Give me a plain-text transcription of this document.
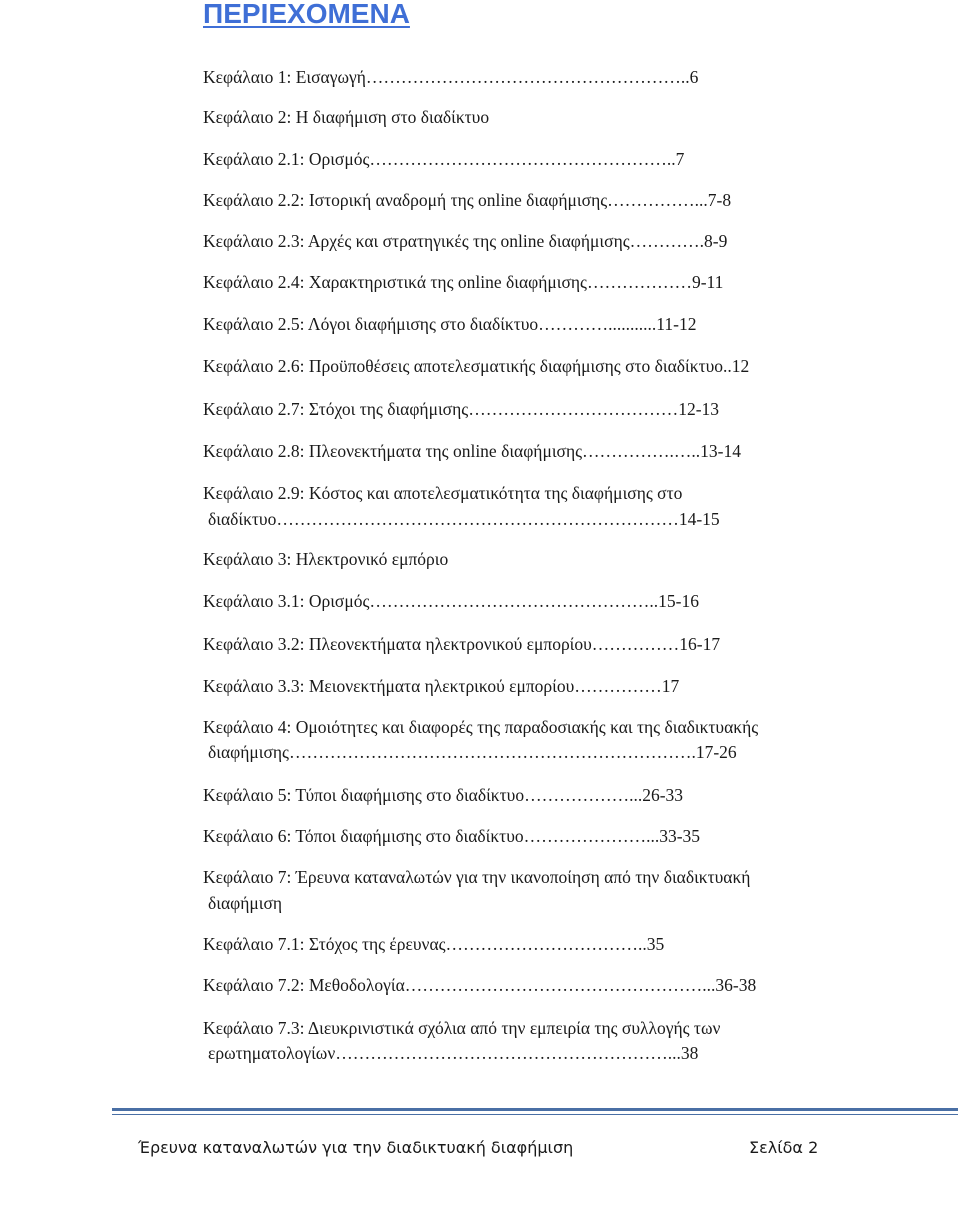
ΠΕΡΙΕΧΟΜΕΝΑ
Κεφάλαιο 1: Εισαγωγή………………………………………………..6
Κεφάλαιο 2: Η διαφήμιση στο διαδίκτυο
Κεφάλαιο 2.1: Ορισμός……………………………………………..7
Κεφάλαιο 2.2: Ιστορική αναδρομή της online διαφήμισης……………...7-8
Κεφάλαιο 2.3: Αρχές και στρατηγικές της online διαφήμισης………….8-9
Κεφάλαιο 2.4: Χαρακτηριστικά της online διαφήμισης………………9-11
Κεφάλαιο 2.5: Λόγοι διαφήμισης στο διαδίκτυο…………...........11-12
Κεφάλαιο 2.6: Προϋποθέσεις αποτελεσματικής διαφήμισης στο διαδίκτυο..12
Κεφάλαιο 2.7: Στόχοι της διαφήμισης………………………………12-13
Κεφάλαιο 2.8: Πλεονεκτήματα της online διαφήμισης…………….…..13-14
Κεφάλαιο 2.9: Κόστος και αποτελεσματικότητα της διαφήμισης στο
διαδίκτυο……………………………………………………………14-15
Κεφάλαιο 3: Ηλεκτρονικό εμπόριο
Κεφάλαιο 3.1: Ορισμός…………………………………………..15-16
Κεφάλαιο 3.2: Πλεονεκτήματα ηλεκτρονικού εμπορίου……………16-17
Κεφάλαιο 3.3: Μειονεκτήματα ηλεκτρικού εμπορίου……………17
Κεφάλαιο 4: Ομοιότητες και διαφορές της παραδοσιακής και της διαδικτυακής
διαφήμισης…………………………………………………………….17-26
Κεφάλαιο 5: Τύποι διαφήμισης στο διαδίκτυο………………...26-33
Κεφάλαιο 6: Τόποι διαφήμισης στο διαδίκτυο…………………...33-35
Κεφάλαιο 7: Έρευνα καταναλωτών για την ικανοποίηση από την διαδικτυακή
διαφήμιση
Κεφάλαιο 7.1: Στόχος της έρευνας……………………………..35
Κεφάλαιο 7.2: Μεθοδολογία……………………………………………...36-38
Κεφάλαιο 7.3: Διευκρινιστικά σχόλια από την εμπειρία της συλλογής των
ερωτηματολογίων…………………………………………………...38
Έρευνα καταναλωτών για την διαδικτυακή διαφήμιση	Σελίδα 2
